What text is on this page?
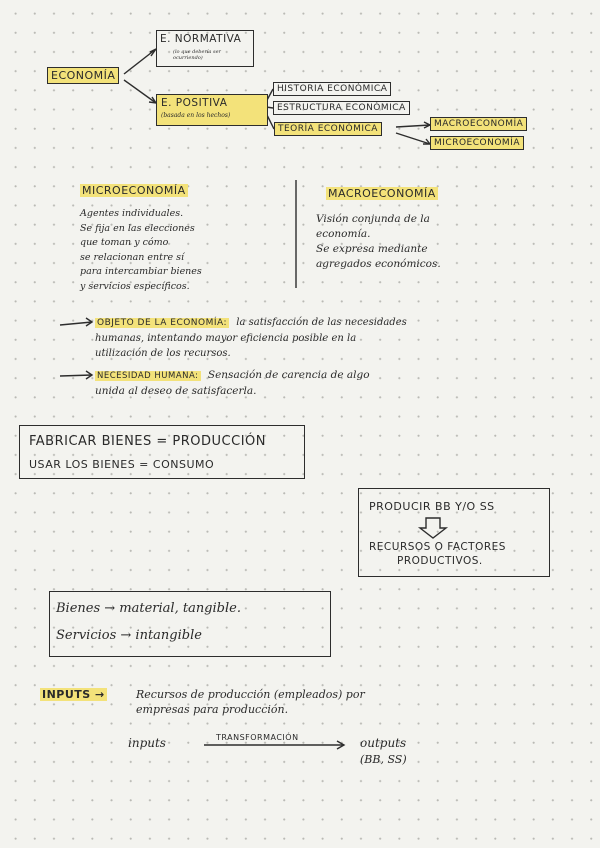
ECONOMÍA
E. NORMATIVA
(lo que debería ser ocurriendo)
E. POSITIVA
(basada en los hechos)
HISTORIA ECONÓMICA
ESTRUCTURA ECONÓMICA
TEORÍA ECONÓMICA	MACROECONOMÍA
MICROECONOMÍA
MICROECONOMÍA
Agentes individuales.
Se fija en las elecciones
que toman y cómo
se relacionan entre sí
para intercambiar bienes
y servicios específicos.
MACROECONOMÍA
Visión conjunda de la
economía.
Se expresa mediante
agregados económicos.
OBJETO DE LA ECONOMÍA: la satisfacción de las necesidades
humanas, intentando mayor eficiencia posible en la
utilización de los recursos.
NECESIDAD HUMANA: Sensación de carencia de algo
unida al deseo de satisfacerla.
FABRICAR BIENES = PRODUCCIÓN
USAR LOS BIENES = CONSUMO
PRODUCIR BB Y/O SS
RECURSOS O FACTORES
PRODUCTIVOS.
Bienes → material, tangible.
Servicios → intangible
INPUTS →	Recursos de producción (empleados) por
empresas para producción.
inputs	TRANSFORMACIÓN	outputs
(BB, SS)
